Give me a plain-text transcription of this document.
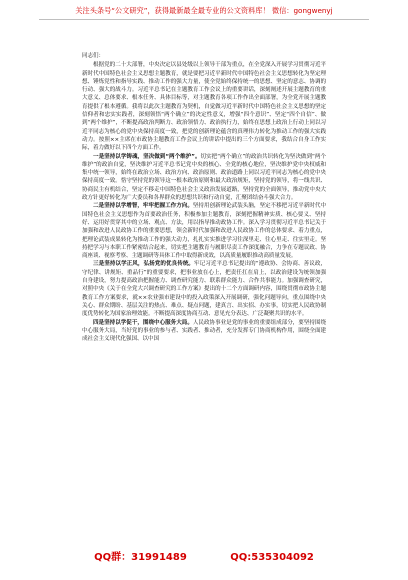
关注头条号“公文研究”，获得最新最全最专业的公文资料库！ 微信：gongwenyj

同志们：

根据党的二十大部署，中央决定以县处级以上领导干部为重点，在全党深入开展学习贯彻习近平新时代中国特色社会主义思想主题教育，就是要把习近平新时代中国特色社会主义思想转化为坚定理想、锤炼党性和指导实践、推动工作的强大力量，使全党始终保持统一的思想、坚定的意志、协调的行动、强大的战斗力。习近平总书记在主题教育工作会议上的重要讲话，深刻阐述开展主题教育的重大意义、总体要求、根本任务、具体目标等，对主题教育各项工作作出全面部署，为全党开展主题教育提供了根本遵循。我将以此次主题教育为契机，自觉做习近平新时代中国特色社会主义思想的坚定信仰者和忠实实践者，深刻领悟“两个确立”的决定性意义，增强“四个意识”、坚定“四个自信”、做到“两个维护”，不断提高政治判断力、政治领悟力、政治执行力，始终在思想上政治上行动上同以习近平同志为核心的党中央保持高度一致，把党的创新理论蕴含的真理伟力转化为推动工作的强大实践动力。按照××主席在市政协主题教育工作会议上的讲话中提出的三个方面要求，我结合自身工作实际，着力做好以下四个方面工作。

一是坚持以学铸魂，坚决做到“两个维护”。切实把“两个确立”的政治共识转化为坚决做到“两个维护”的政治自觉，坚决维护习近平总书记党中央的核心、全党的核心地位，坚决维护党中央权威和集中统一领导，始终在政治立场、政治方向、政治原则、政治道路上同以习近平同志为核心的党中央保持高度一致。恪守坚持党的领导这一根本政治原则和最大政治规矩，坚持党的领导，将一线共识、协商民主有机结合，坚定不移走中国特色社会主义政治发展道路，坚持党的全面领导，推动党中央大政方针更好转化为广大委员和各界群众的思想共识和行动自觉，汇聚团结奋斗强大合力。

二是坚持以学增智，牢牢把握工作方向。坚持用创新理论武装头脑，坚定不移把习近平新时代中国特色社会主义思想作为首要政治任务，积极参加主题教育，深刻把握精神实质、核心要义、坚持好、运用好贯穿其中的立场、观点、方法，用以指导推动政协工作。深入学习贯彻习近平总书记关于加强和改进人民政协工作的重要思想，领会新时代加强和改进人民政协工作的总体要求、着力重点，把理论武装成果转化为推动工作的强大动力，扎扎实实推进学习往深里走、往心里走、往实里走。坚持把学习与本职工作紧密结合起来，切实把主题教育与履职尽责工作深度融合，力争在专题议政、协商座谈、视察考察、主题调研等具体工作中取得新成效，以高质量履职推动高质量发展。

三是坚持以学正风，弘扬党的优良传统。牢记习近平总书记提出的“遵政协、会协商、善议政，守纪律、讲规矩、重品行”的重要要求，把事业放在心上，把责任扛在肩上，以政治建设为统领加强自身建设，努力提高政治把握能力、调查研究能力、联系群众能力、合作共事能力。加强调查研究，对照中央《关于在全党大兴调查研究的工作方案》提出的十二个方面调研内容，围绕贯彻市政协主题教育工作方案要求，就××农业强市建设中的投入政策深入开展调研，强化问题导向，重点围绕中央关心、群众期盼、基层关注的热点、难点、疑点问题，建真言、出实招、办实事，切实把人民政协制度优势转化为国家治理效能。不断提高深度协商互动、意见充分表达、广泛凝聚共识的水平。

四是坚持以学促干，围绕中心服务大局。人民政协事业是党的事业的重要组成部分，要坚持围绕中心服务大局，当好党的事业的参与者、实践者、推动者，充分发挥专门协商机构作用，围绕全面建成社会主义现代化强国、以中国

QQ群：31991489	QQ:535304092
